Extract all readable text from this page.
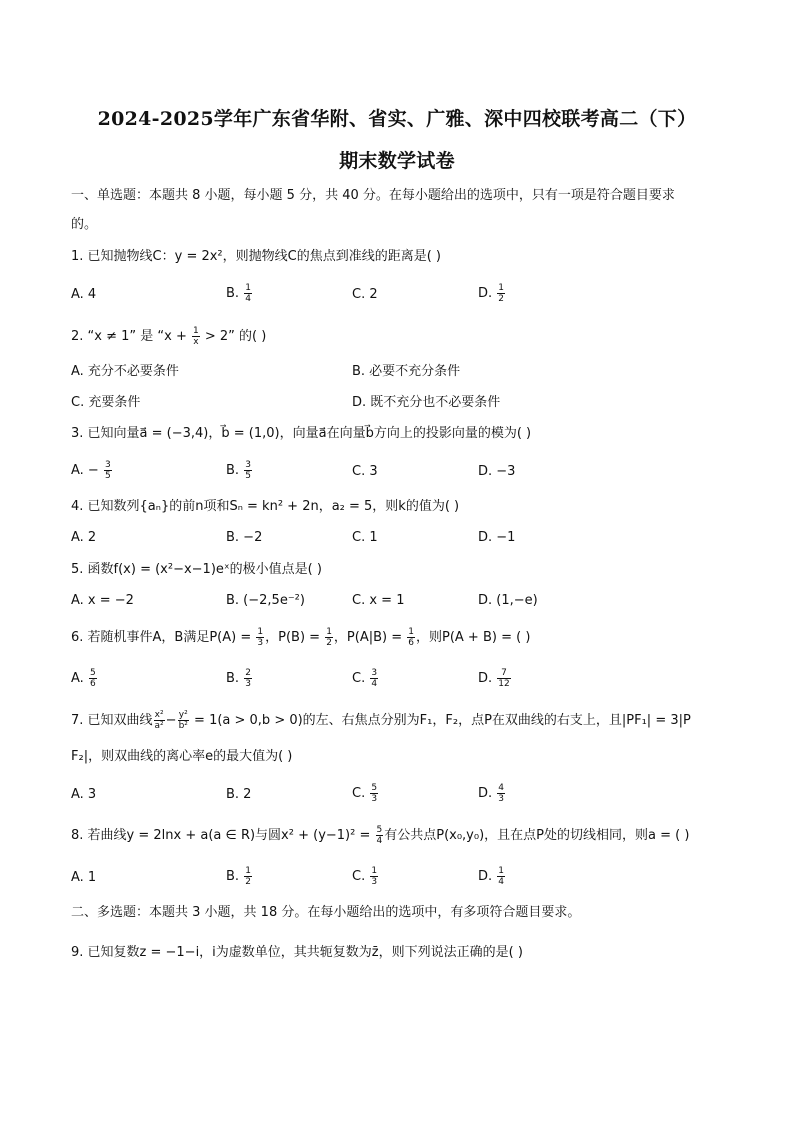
2024-2025学年广东省华附、省实、广雅、深中四校联考高二（下）
期末数学试卷
一、单选题：本题共 8 小题，每小题 5 分，共 40 分。在每小题给出的选项中，只有一项是符合题目要求
的。
1. 已知抛物线C：y = 2x²，则抛物线C的焦点到准线的距离是( )
A. 4	B. $\frac{1}{4}$	C. 2	D. $\frac{1}{2}$
2. “x ≠ 1” 是 “$x + \frac{1}{x} > 2$” 的( )
A. 充分不必要条件	B. 必要不充分条件
C. 充要条件	D. 既不充分也不必要条件
3. 已知向量a⃗ = (−3,4)，b⃗ = (1,0)，向量a⃗在向量b⃗方向上的投影向量的模为( )
A. − $\frac{3}{5}$	B. $\frac{3}{5}$	C. 3	D. −3
4. 已知数列{aₙ}的前n项和Sₙ = kn² + 2n，a₂ = 5，则k的值为( )
A. 2	B. −2	C. 1	D. −1
5. 函数f(x) = (x²−x−1)eˣ的极小值点是( )
A. x = −2	B. (−2,5e⁻²)	C. x = 1	D. (1,−e)
6. 若随机事件A，B满足$P(A) = \frac{1}{3}$ ，$P(B) = \frac{1}{2}$ ，$P(A|B) = \frac{1}{6}$ ，则P(A + B) = ( )
A. $\frac{5}{6}$	B. $\frac{2}{3}$	C. $\frac{3}{4}$	D. $\frac{7}{12}$
7. 已知双曲线 $\frac{\text{x²}}{\text{a²}} - \frac{\text{y²}}{\text{b²}} = 1(a > 0,b > 0)$的左、右焦点分别为F₁，F₂，点P在双曲线的右支上，且|PF₁| = 3|P
F₂|，则双曲线的离心率e的最大值为( )
A. 3	B. 2	C. $\frac{5}{3}$	D. $\frac{4}{3}$
8. 若曲线y = 2lnx + a(a ∈ R)与圆$x^2 + (y-1)^2 = \frac{5}{4}$ 有公共点P(x₀,y₀)，且在点P处的切线相同，则a = ( )
A. 1	B. $\frac{1}{2}$	C. $\frac{1}{3}$	D. $\frac{1}{4}$
二、多选题：本题共 3 小题，共 18 分。在每小题给出的选项中，有多项符合题目要求。
9. 已知复数z = −1−i，i为虚数单位，其共轭复数为z̄，则下列说法正确的是( )
